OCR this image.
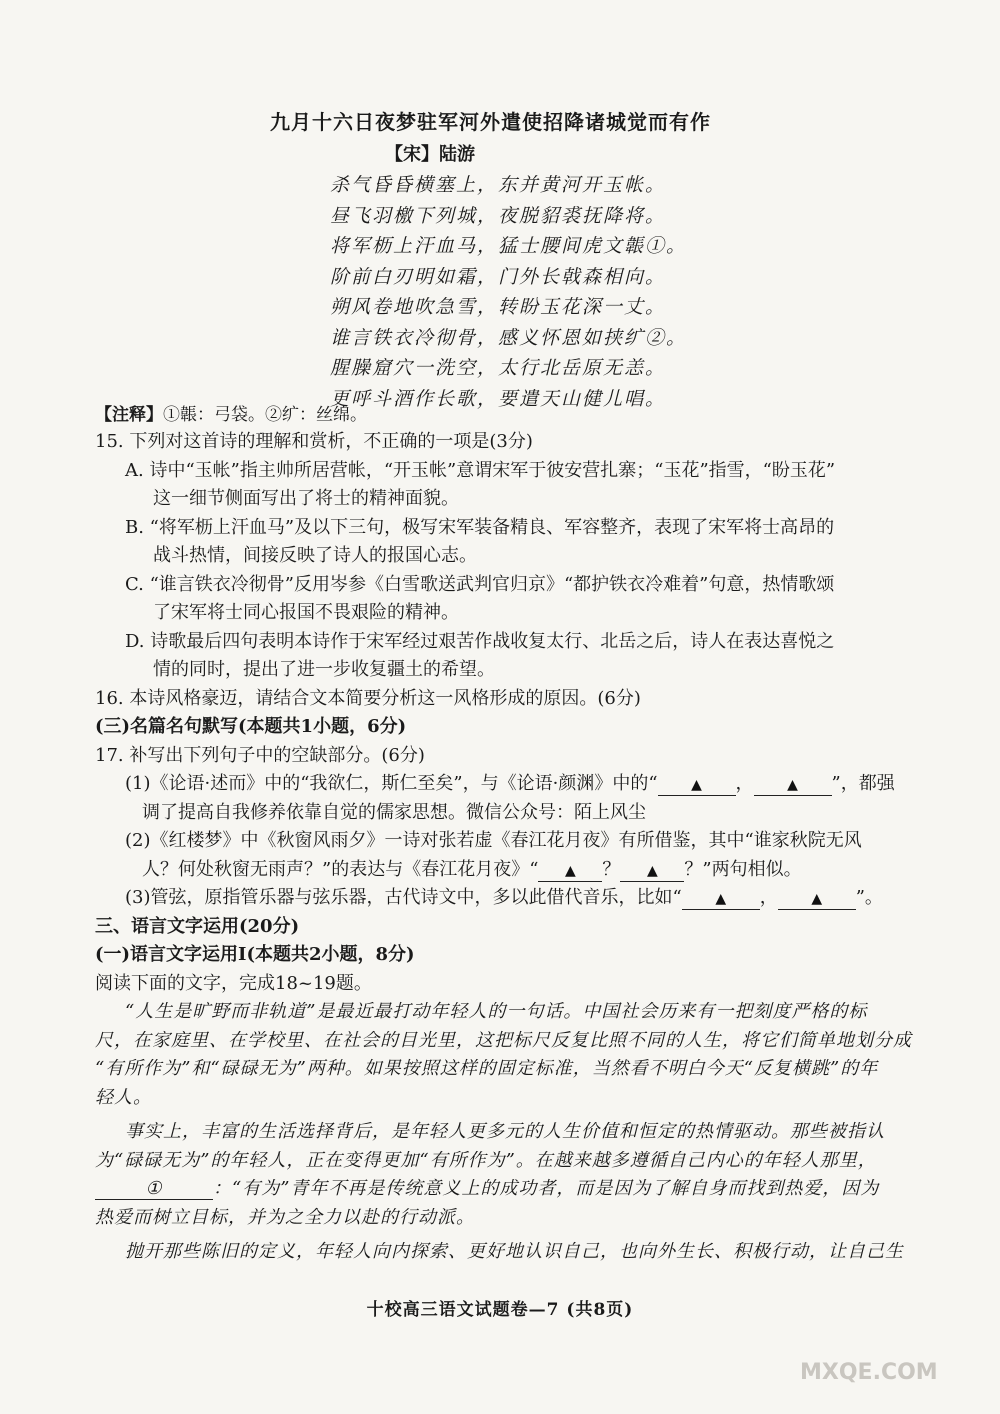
九月十六日夜梦驻军河外遣使招降诸城觉而有作
【宋】陆游
杀气昏昏横塞上，东并黄河开玉帐。
昼飞羽檄下列城，夜脱貂裘抚降将。
将军枥上汗血马，猛士腰间虎文韔①。
阶前白刃明如霜，门外长戟森相向。
朔风卷地吹急雪，转盼玉花深一丈。
谁言铁衣冷彻骨，感义怀恩如挟纩②。
腥臊窟穴一洗空，太行北岳原无恙。
更呼斗酒作长歌，要遣天山健儿唱。
【注释】①韔：弓袋。②纩：丝绵。
15. 下列对这首诗的理解和赏析，不正确的一项是(3分)
A. 诗中“玉帐”指主帅所居营帐，“开玉帐”意谓宋军于彼安营扎寨；“玉花”指雪，“盼玉花”
这一细节侧面写出了将士的精神面貌。
B. “将军枥上汗血马”及以下三句，极写宋军装备精良、军容整齐，表现了宋军将士高昂的
战斗热情，间接反映了诗人的报国心志。
C. “谁言铁衣冷彻骨”反用岑参《白雪歌送武判官归京》“都护铁衣冷难着”句意，热情歌颂
了宋军将士同心报国不畏艰险的精神。
D. 诗歌最后四句表明本诗作于宋军经过艰苦作战收复太行、北岳之后，诗人在表达喜悦之
情的同时，提出了进一步收复疆土的希望。
16. 本诗风格豪迈，请结合文本简要分析这一风格形成的原因。(6分)
(三)名篇名句默写(本题共1小题，6分)
17. 补写出下列句子中的空缺部分。(6分)
(1)《论语·述而》中的“我欲仁，斯仁至矣”，与《论语·颜渊》中的“ ▲ ， ▲ ”，都强
调了提高自我修养依靠自觉的儒家思想。微信公众号：陌上风尘
(2)《红楼梦》中《秋窗风雨夕》一诗对张若虚《春江花月夜》有所借鉴，其中“谁家秋院无风
人？何处秋窗无雨声？”的表达与《春江花月夜》“ ▲ ？ ▲ ？”两句相似。
(3)管弦，原指管乐器与弦乐器，古代诗文中，多以此借代音乐，比如“ ▲ ， ▲ ”。
三、语言文字运用(20分)
(一)语言文字运用Ⅰ(本题共2小题，8分)
阅读下面的文字，完成18~19题。
“人生是旷野而非轨道”是最近最打动年轻人的一句话。中国社会历来有一把刻度严格的标
尺，在家庭里、在学校里、在社会的目光里，这把标尺反复比照不同的人生，将它们简单地划分成
“有所作为”和“碌碌无为”两种。如果按照这样的固定标准，当然看不明白今天“反复横跳”的年
轻人。
事实上，丰富的生活选择背后，是年轻人更多元的人生价值和恒定的热情驱动。那些被指认
为“碌碌无为”的年轻人，正在变得更加“有所作为”。在越来越多遵循自己内心的年轻人那里，
①	：“有为”青年不再是传统意义上的成功者，而是因为了解自身而找到热爱，因为
热爱而树立目标，并为之全力以赴的行动派。
抛开那些陈旧的定义，年轻人向内探索、更好地认识自己，也向外生长、积极行动，让自己生
十校高三语文试题卷—7 (共8页)
MXQE.COM
